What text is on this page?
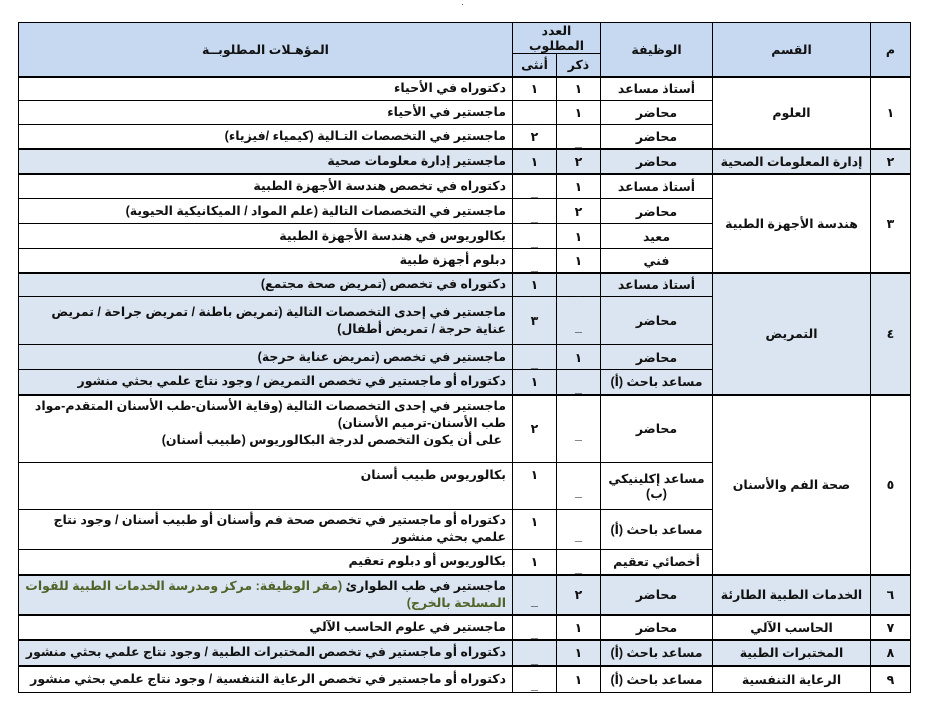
م	القسم	الوظيفة	العدد المطلوب		المؤهـلات المطلوبــة
			ذكر	أنثى	
١	العلوم	أستاذ مساعد	١	١	دكتوراه في الأحياء
		محاضر	١	_	ماجستير في الأحياء
		محاضر	_	٢	ماجستير في التخصصات التـالية (كيمياء /فيزياء)
٢	إدارة المعلومات الصحية	محاضر	٢	١	ماجستير إدارة معلومات صحية
٣	هندسة الأجهزة الطبية	أستاذ مساعد	١	_	دكتوراه في تخصص هندسة الأجهزة الطبية
		محاضر	٢	_	ماجستير في التخصصات التالية (علم المواد / الميكانيكية الحيوية)
		معيد	١	_	بكالوريوس في هندسة الأجهزة الطبية
		فني	١	_	دبلوم أجهزة طبية
٤	التمريض	أستاذ مساعد	_	١	دكتوراه في تخصص (تمريض صحة مجتمع)
		محاضر	_	٣	ماجستير في إحدى التخصصات التالية (تمريض باطنة / تمريض جراحة / تمريض عناية حرجة / تمريض أطفال)
		محاضر	١	_	ماجستير في تخصص (تمريض عناية حرجة)
		مساعد باحث (أ)	_	١	دكتوراه أو ماجستير في تخصص التمريض / وجود نتاج علمي بحثي منشور
٥	صحة الفم والأسنان	محاضر	_	٢	ماجستير في إحدى التخصصات التالية (وقاية الأسنان-طب الأسنان المتقدم-مواد طب الأسنان-ترميم الأسنان)
على أن يكون التخصص لدرجة البكالوريوس (طبيب أسنان)

		مساعد إكلينيكي (ب)	_	١	بكالوريوس طبيب أسنان
		مساعد باحث (أ)	_	١	دكتوراه أو ماجستير في تخصص صحة فم وأسنان أو طبيب أسنان / وجود نتاج علمي بحثي منشور
		أخصائي تعقيم	_	١	بكالوريوس أو دبلوم تعقيم
٦	الخدمات الطبية الطارئة	محاضر	٢	_	ماجستير في طب الطوارئ (مقر الوظيفة: مركز ومدرسة الخدمات الطبية للقوات المسلحة بالخرج)
٧	الحاسب الآلي	محاضر	١	_	ماجستير في علوم الحاسب الآلي
٨	المختبرات الطبية	مساعد باحث (أ)	١	_	دكتوراه أو ماجستير في تخصص المختبرات الطبية / وجود نتاج علمي بحثي منشور
٩	الرعاية التنفسية	مساعد باحث (أ)	١	_	دكتوراه أو ماجستير في تخصص الرعاية التنفسية / وجود نتاج علمي بحثي منشور
